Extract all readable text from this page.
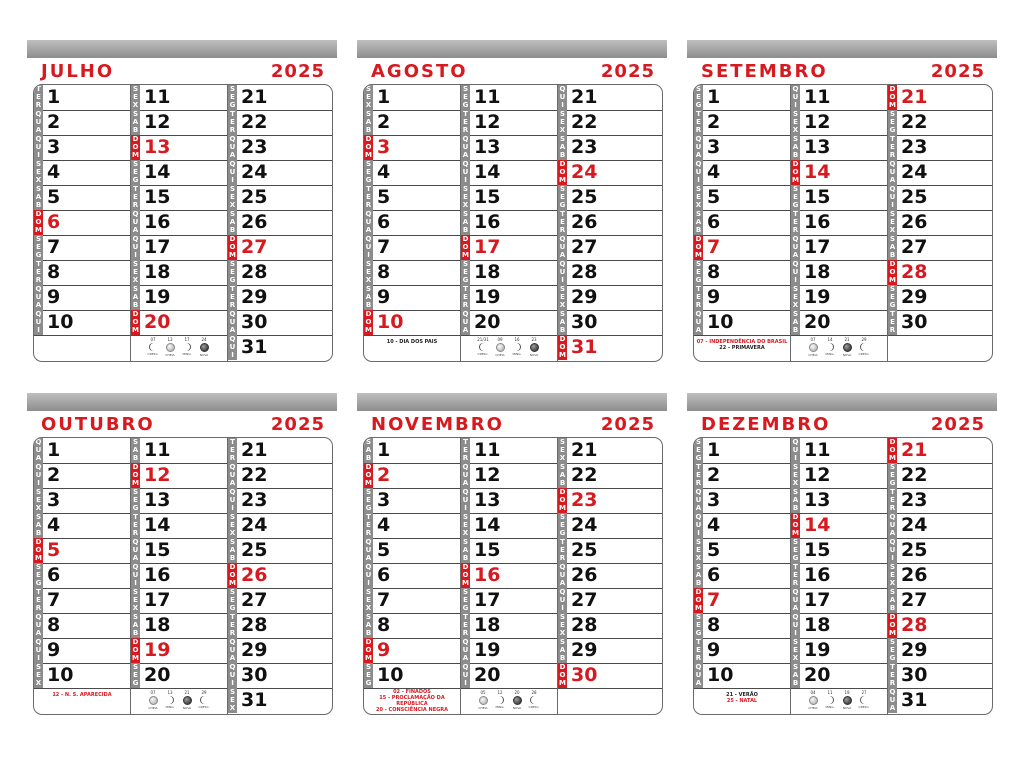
JULHO	2025
T
E
R 1
Q
U
A 2
Q
U
I 3
S
E
X 4
S
A
B 5
D
O
M 6
S
E
G 7
T
E
R 8
Q
U
A 9
Q
U
I 10
S
E
X 11
S
A
B 12
D
O
M 13
S
E
G 14
T
E
R 15
Q
U
A 16
Q
U
I 17
S
E
X 18
S
A
B 19
D
O
M 20
07
CRESC.
13
CHEIA
17
MING.
24
NOVA
S
E
G 21
T
E
R 22
Q
U
A 23
Q
U
I 24
S
E
X 25
S
A
B 26
D
O
M 27
S
E
G 28
T
E
R 29
Q
U
A 30
Q
U
I 31
AGOSTO	2025
S
E
X 1
S
A
B 2
D
O
M 3
S
E
G 4
T
E
R 5
Q
U
A 6
Q
U
I 7
S
E
X 8
S
A
B 9
D
O
M 10
10 - DIA DOS PAIS
S
E
G 11
T
E
R 12
Q
U
A 13
Q
U
I 14
S
E
X 15
S
A
B 16
D
O
M 17
S
E
G 18
T
E
R 19
Q
U
A 20
21/31
CRESC.
09
CHEIA
16
MING.
23
NOVA
Q
U
I 21
S
E
X 22
S
A
B 23
D
O
M 24
S
E
G 25
T
E
R 26
Q
U
A 27
Q
U
I 28
S
E
X 29
S
A
B 30
D
O
M 31
SETEMBRO	2025
S
E
G 1
T
E
R 2
Q
U
A 3
Q
U
I 4
S
E
X 5
S
A
B 6
D
O
M 7
S
E
G 8
T
E
R 9
Q
U
A 10
07 - INDEPENDÊNCIA DO BRASIL
22 - PRIMAVERA
Q
U
I 11
S
E
X 12
S
A
B 13
D
O
M 14
S
E
G 15
T
E
R 16
Q
U
A 17
Q
U
I 18
S
E
X 19
S
A
B 20
07
CHEIA
14
MING.
21
NOVA
29
CRESC.
D
O
M 21
S
E
G 22
T
E
R 23
Q
U
A 24
Q
U
I 25
S
E
X 26
S
A
B 27
D
O
M 28
S
E
G 29
T
E
R 30
OUTUBRO	2025
Q
U
A 1
Q
U
I 2
S
E
X 3
S
A
B 4
D
O
M 5
S
E
G 6
T
E
R 7
Q
U
A 8
Q
U
I 9
S
E
X 10
12 - N. S. APARECIDA
S
A
B 11
D
O
M 12
S
E
G 13
T
E
R 14
Q
U
A 15
Q
U
I 16
S
E
X 17
S
A
B 18
D
O
M 19
S
E
G 20
07
CHEIA
13
MING.
21
NOVA
29
CRESC.
T
E
R 21
Q
U
A 22
Q
U
I 23
S
E
X 24
S
A
B 25
D
O
M 26
S
E
G 27
T
E
R 28
Q
U
A 29
Q
U
I 30
S
E
X 31
NOVEMBRO	2025
S
A
B 1
D
O
M 2
S
E
G 3
T
E
R 4
Q
U
A 5
Q
U
I 6
S
E
X 7
S
A
B 8
D
O
M 9
S
E
G 10
02 - FINADOS
15 - PROCLAMAÇÃO DA REPÚBLICA
20 - CONSCIÊNCIA NEGRA
T
E
R 11
Q
U
A 12
Q
U
I 13
S
E
X 14
S
A
B 15
D
O
M 16
S
E
G 17
T
E
R 18
Q
U
A 19
Q
U
I 20
05
CHEIA
12
MING.
20
NOVA
28
CRESC.
S
E
X 21
S
A
B 22
D
O
M 23
S
E
G 24
T
E
R 25
Q
U
A 26
Q
U
I 27
S
E
X 28
S
A
B 29
D
O
M 30
DEZEMBRO	2025
S
E
G 1
T
E
R 2
Q
U
A 3
Q
U
I 4
S
E
X 5
S
A
B 6
D
O
M 7
S
E
G 8
T
E
R 9
Q
U
A 10
21 - VERÃO
25 - NATAL
Q
U
I 11
S
E
X 12
S
A
B 13
D
O
M 14
S
E
G 15
T
E
R 16
Q
U
A 17
Q
U
I 18
S
E
X 19
S
A
B 20
04
CHEIA
11
MING.
19
NOVA
27
CRESC.
D
O
M 21
S
E
G 22
T
E
R 23
Q
U
A 24
Q
U
I 25
S
E
X 26
S
A
B 27
D
O
M 28
S
E
G 29
T
E
R 30
Q
U
A 31
